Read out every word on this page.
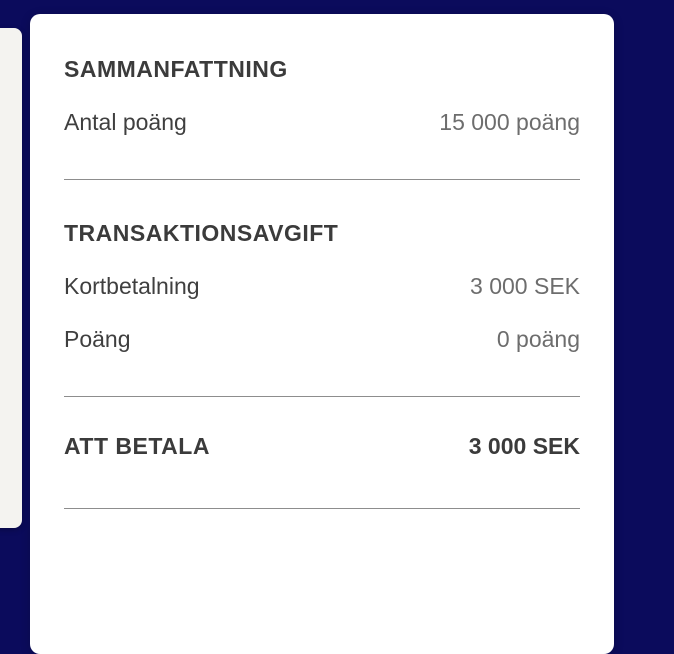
SAMMANFATTNING
Antal poäng	15 000 poäng
TRANSAKTIONSAVGIFT
Kortbetalning	3 000 SEK
Poäng	0 poäng
ATT BETALA	3 000 SEK
